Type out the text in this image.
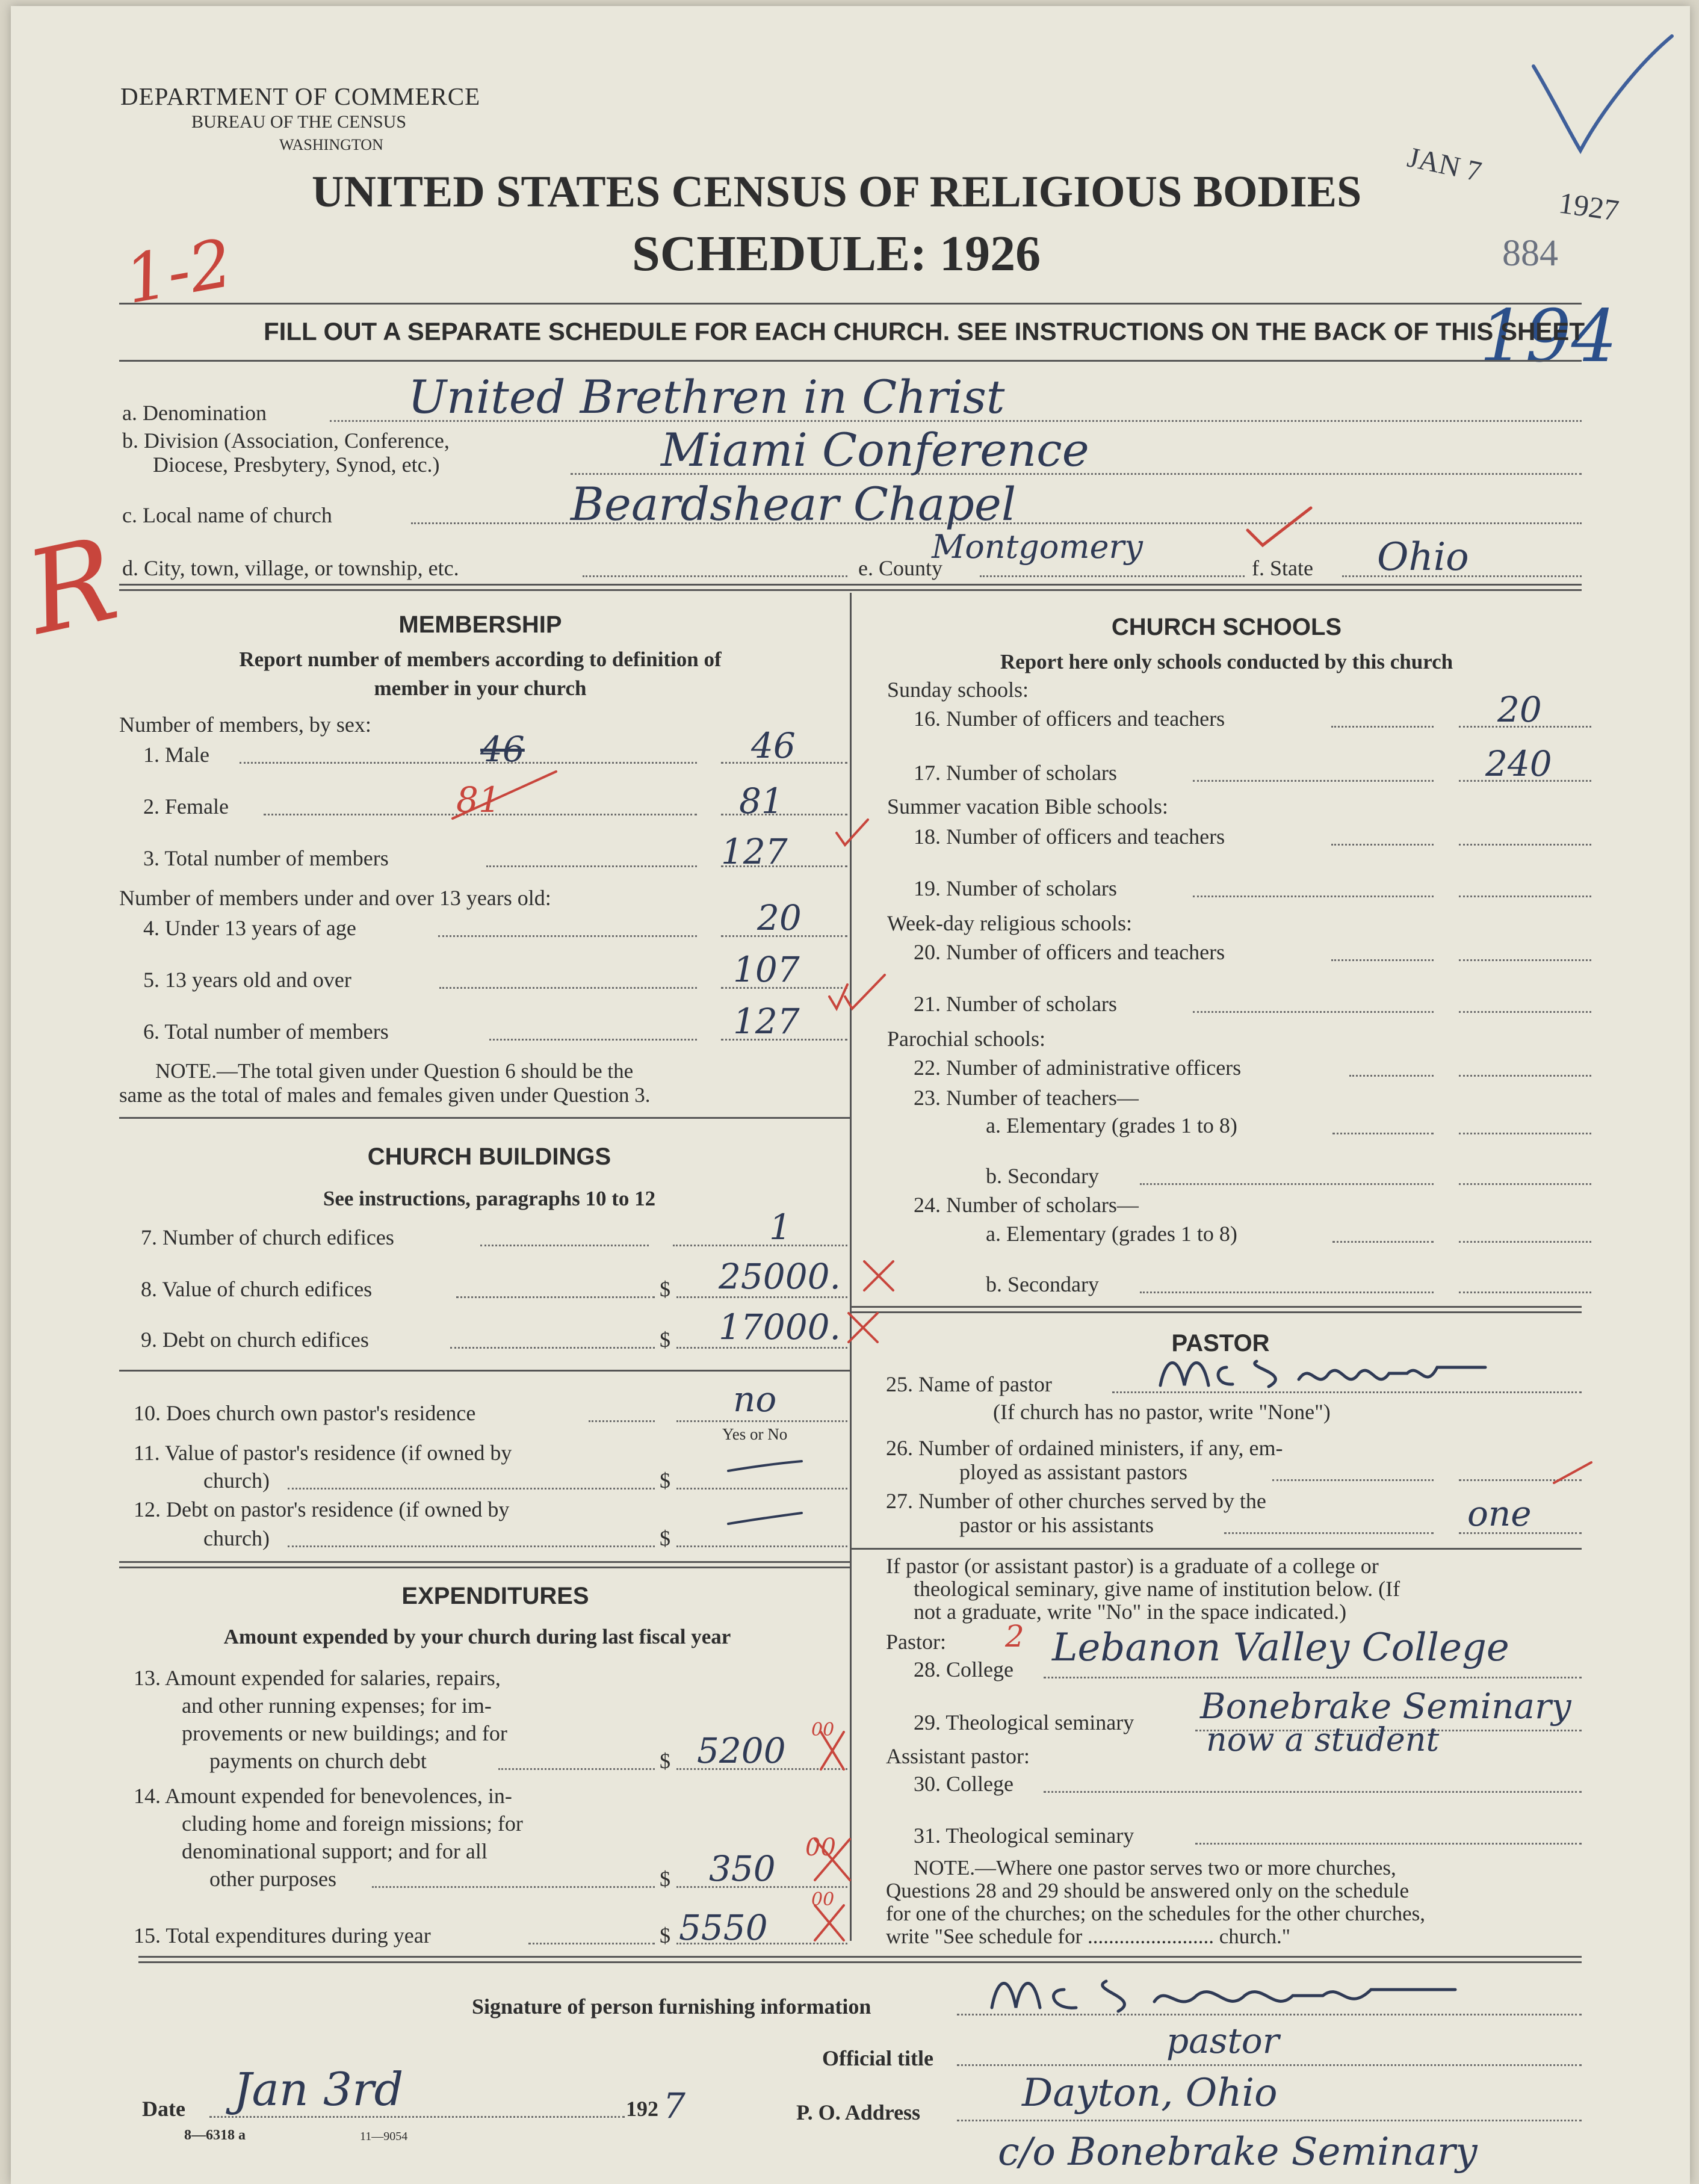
DEPARTMENT OF COMMERCE
BUREAU OF THE CENSUS
WASHINGTON
UNITED STATES CENSUS OF RELIGIOUS BODIES
SCHEDULE: 1926
JAN 7
1927
884
194
1-2
FILL OUT A SEPARATE SCHEDULE FOR EACH CHURCH. SEE INSTRUCTIONS ON THE BACK OF THIS SHEET
a. Denomination	United Brethren in Christ
b. Division (Association, Conference,
Diocese, Presbytery, Synod, etc.)	Miami Conference
c. Local name of church	Beardshear Chapel
d. City, town, village, or township, etc.	e. County
Montgomery
f. State Ohio
R	MEMBERSHIP
Report number of members according to definition of
member in your church
Number of members, by sex:
1. Male	46	46
2. Female	81	81
3. Total number of members	127
Number of members under and over 13 years old:
4. Under 13 years of age	20
5. 13 years old and over	107
6. Total number of members	127
NOTE.—The total given under Question 6 should be the
same as the total of males and females given under Question 3.
CHURCH BUILDINGS
See instructions, paragraphs 10 to 12
7. Number of church edifices	1
8. Value of church edifices	$ 25000.
9. Debt on church edifices	$ 17000.
10. Does church own pastor's residence	no
Yes or No
11. Value of pastor's residence (if owned by
church)	$
12. Debt on pastor's residence (if owned by
church)	$
EXPENDITURES
Amount expended by your church during last fiscal year
13. Amount expended for salaries, repairs,
and other running expenses; for im-
provements or new buildings; and for
payments on church debt	$ 5200
00
14. Amount expended for benevolences, in-
cluding home and foreign missions; for
denominational support; and for all
other purposes	$ 350
00
15. Total expenditures during year	$ 5550
00
CHURCH SCHOOLS
Report here only schools conducted by this church
Sunday schools:
16. Number of officers and teachers	20
17. Number of scholars	240
Summer vacation Bible schools:
18. Number of officers and teachers
19. Number of scholars
Week-day religious schools:
20. Number of officers and teachers
21. Number of scholars
Parochial schools:
22. Number of administrative officers
23. Number of teachers—
a. Elementary (grades 1 to 8)
b. Secondary
24. Number of scholars—
a. Elementary (grades 1 to 8)
b. Secondary
PASTOR
25. Name of pastor
(If church has no pastor, write "None")
26. Number of ordained ministers, if any, em-
ployed as assistant pastors
27. Number of other churches served by the
pastor or his assistants	one
If pastor (or assistant pastor) is a graduate of a college or
theological seminary, give name of institution below. (If
not a graduate, write "No" in the space indicated.)
Pastor: 2
28. College Lebanon Valley College
29. Theological seminary Bonebrake Seminary
now a student
Assistant pastor:
30. College
31. Theological seminary
NOTE.—Where one pastor serves two or more churches,
Questions 28 and 29 should be answered only on the schedule
for one of the churches; on the schedules for the other churches,
write "See schedule for ........................ church."
Signature of person furnishing information
Official title	pastor
Date Jan 3rd	192 7	P. O. Address	Dayton, Ohio
c/o Bonebrake Seminary
8—6318 a	11—9054
